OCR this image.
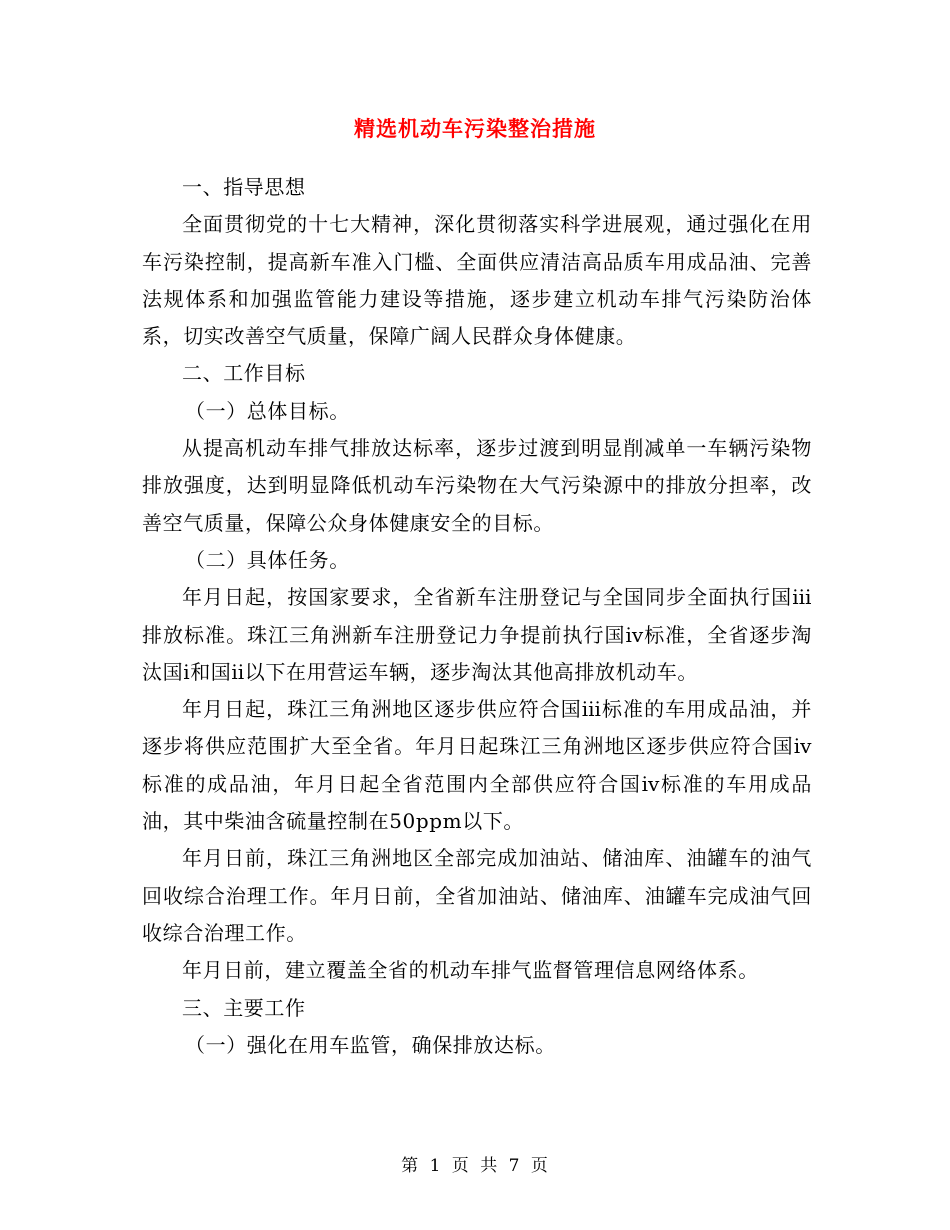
精选机动车污染整治措施

一、指导思想

全面贯彻党的十七大精神，深化贯彻落实科学进展观，通过强化在用车污染控制，提高新车准入门槛、全面供应清洁高品质车用成品油、完善法规体系和加强监管能力建设等措施，逐步建立机动车排气污染防治体系，切实改善空气质量，保障广阔人民群众身体健康。

二、工作目标

（一）总体目标。

从提高机动车排气排放达标率，逐步过渡到明显削减单一车辆污染物排放强度，达到明显降低机动车污染物在大气污染源中的排放分担率，改善空气质量，保障公众身体健康安全的目标。

（二）具体任务。

年月日起，按国家要求，全省新车注册登记与全国同步全面执行国ⅲ排放标准。珠江三角洲新车注册登记力争提前执行国ⅳ标准，全省逐步淘汰国ⅰ和国ⅱ以下在用营运车辆，逐步淘汰其他高排放机动车。

年月日起，珠江三角洲地区逐步供应符合国ⅲ标准的车用成品油，并逐步将供应范围扩大至全省。年月日起珠江三角洲地区逐步供应符合国ⅳ标准的成品油，年月日起全省范围内全部供应符合国ⅳ标准的车用成品油，其中柴油含硫量控制在50ppm以下。

年月日前，珠江三角洲地区全部完成加油站、储油库、油罐车的油气回收综合治理工作。年月日前，全省加油站、储油库、油罐车完成油气回收综合治理工作。

年月日前，建立覆盖全省的机动车排气监督管理信息网络体系。

三、主要工作

（一）强化在用车监管，确保排放达标。

第 1 页 共 7 页
